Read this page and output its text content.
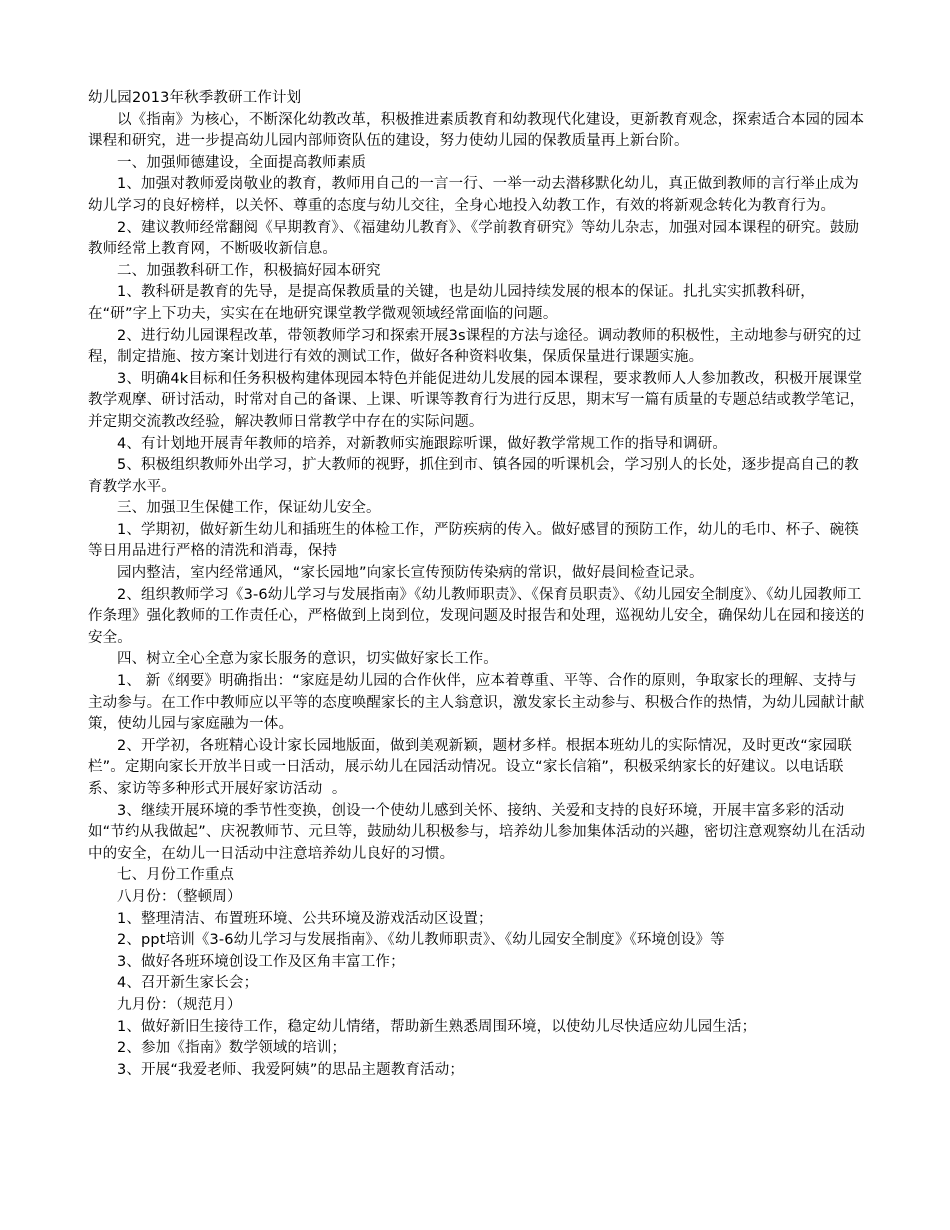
幼儿园2013年秋季教研工作计划

以《指南》为核心，不断深化幼教改革，积极推进素质教育和幼教现代化建设，更新教育观念，探索适合本园的园本课程和研究，进一步提高幼儿园内部师资队伍的建设，努力使幼儿园的保教质量再上新台阶。

一、加强师德建设，全面提高教师素质

1、加强对教师爱岗敬业的教育，教师用自己的一言一行、一举一动去潜移默化幼儿，真正做到教师的言行举止成为幼儿学习的良好榜样，以关怀、尊重的态度与幼儿交往，全身心地投入幼教工作，有效的将新观念转化为教育行为。

2、建议教师经常翻阅《早期教育》、《福建幼儿教育》、《学前教育研究》等幼儿杂志，加强对园本课程的研究。鼓励教师经常上教育网，不断吸收新信息。

二、加强教科研工作，积极搞好园本研究

1、教科研是教育的先导，是提高保教质量的关键，也是幼儿园持续发展的根本的保证。扎扎实实抓教科研，在“研”字上下功夫，实实在在地研究课堂教学微观领域经常面临的问题。

2、进行幼儿园课程改革，带领教师学习和探索开展3s课程的方法与途径。调动教师的积极性，主动地参与研究的过程，制定措施、按方案计划进行有效的测试工作，做好各种资料收集，保质保量进行课题实施。

3、明确4k目标和任务积极构建体现园本特色并能促进幼儿发展的园本课程，要求教师人人参加教改，积极开展课堂教学观摩、研讨活动，时常对自己的备课、上课、听课等教育行为进行反思，期末写一篇有质量的专题总结或教学笔记，并定期交流教改经验，解决教师日常教学中存在的实际问题。

4、有计划地开展青年教师的培养，对新教师实施跟踪听课，做好教学常规工作的指导和调研。

5、积极组织教师外出学习，扩大教师的视野，抓住到市、镇各园的听课机会，学习别人的长处，逐步提高自己的教育教学水平。

三、加强卫生保健工作，保证幼儿安全。

1、学期初，做好新生幼儿和插班生的体检工作，严防疾病的传入。做好感冒的预防工作，幼儿的毛巾、杯子、碗筷等日用品进行严格的清洗和消毒，保持

园内整洁，室内经常通风，“家长园地”向家长宣传预防传染病的常识，做好晨间检查记录。

2、组织教师学习《3-6幼儿学习与发展指南》《幼儿教师职责》、《保育员职责》、《幼儿园安全制度》、《幼儿园教师工作条理》强化教师的工作责任心，严格做到上岗到位，发现问题及时报告和处理，巡视幼儿安全，确保幼儿在园和接送的安全。

四、树立全心全意为家长服务的意识，切实做好家长工作。

1、 新《纲要》明确指出：“家庭是幼儿园的合作伙伴，应本着尊重、平等、合作的原则，争取家长的理解、支持与主动参与。在工作中教师应以平等的态度唤醒家长的主人翁意识，激发家长主动参与、积极合作的热情，为幼儿园献计献策，使幼儿园与家庭融为一体。

2、开学初，各班精心设计家长园地版面，做到美观新颖，题材多样。根据本班幼儿的实际情况，及时更改“家园联栏”。定期向家长开放半日或一日活动，展示幼儿在园活动情况。设立“家长信箱”，积极采纳家长的好建议。以电话联系、家访等多种形式开展好家访活动  。

3、继续开展环境的季节性变换，创设一个使幼儿感到关怀、接纳、关爱和支持的良好环境，开展丰富多彩的活动如“节约从我做起”、庆祝教师节、元旦等，鼓励幼儿积极参与，培养幼儿参加集体活动的兴趣，密切注意观察幼儿在活动中的安全，在幼儿一日活动中注意培养幼儿良好的习惯。

七、月份工作重点

八月份：（整顿周）

1、整理清洁、布置班环境、公共环境及游戏活动区设置；

2、ppt培训《3-6幼儿学习与发展指南》、《幼儿教师职责》、《幼儿园安全制度》《环境创设》等

3、做好各班环境创设工作及区角丰富工作；

4、召开新生家长会；

九月份：（规范月）

1、做好新旧生接待工作，稳定幼儿情绪，帮助新生熟悉周围环境，以使幼儿尽快适应幼儿园生活；

2、参加《指南》数学领域的培训；

3、开展“我爱老师、我爱阿姨”的思品主题教育活动；
